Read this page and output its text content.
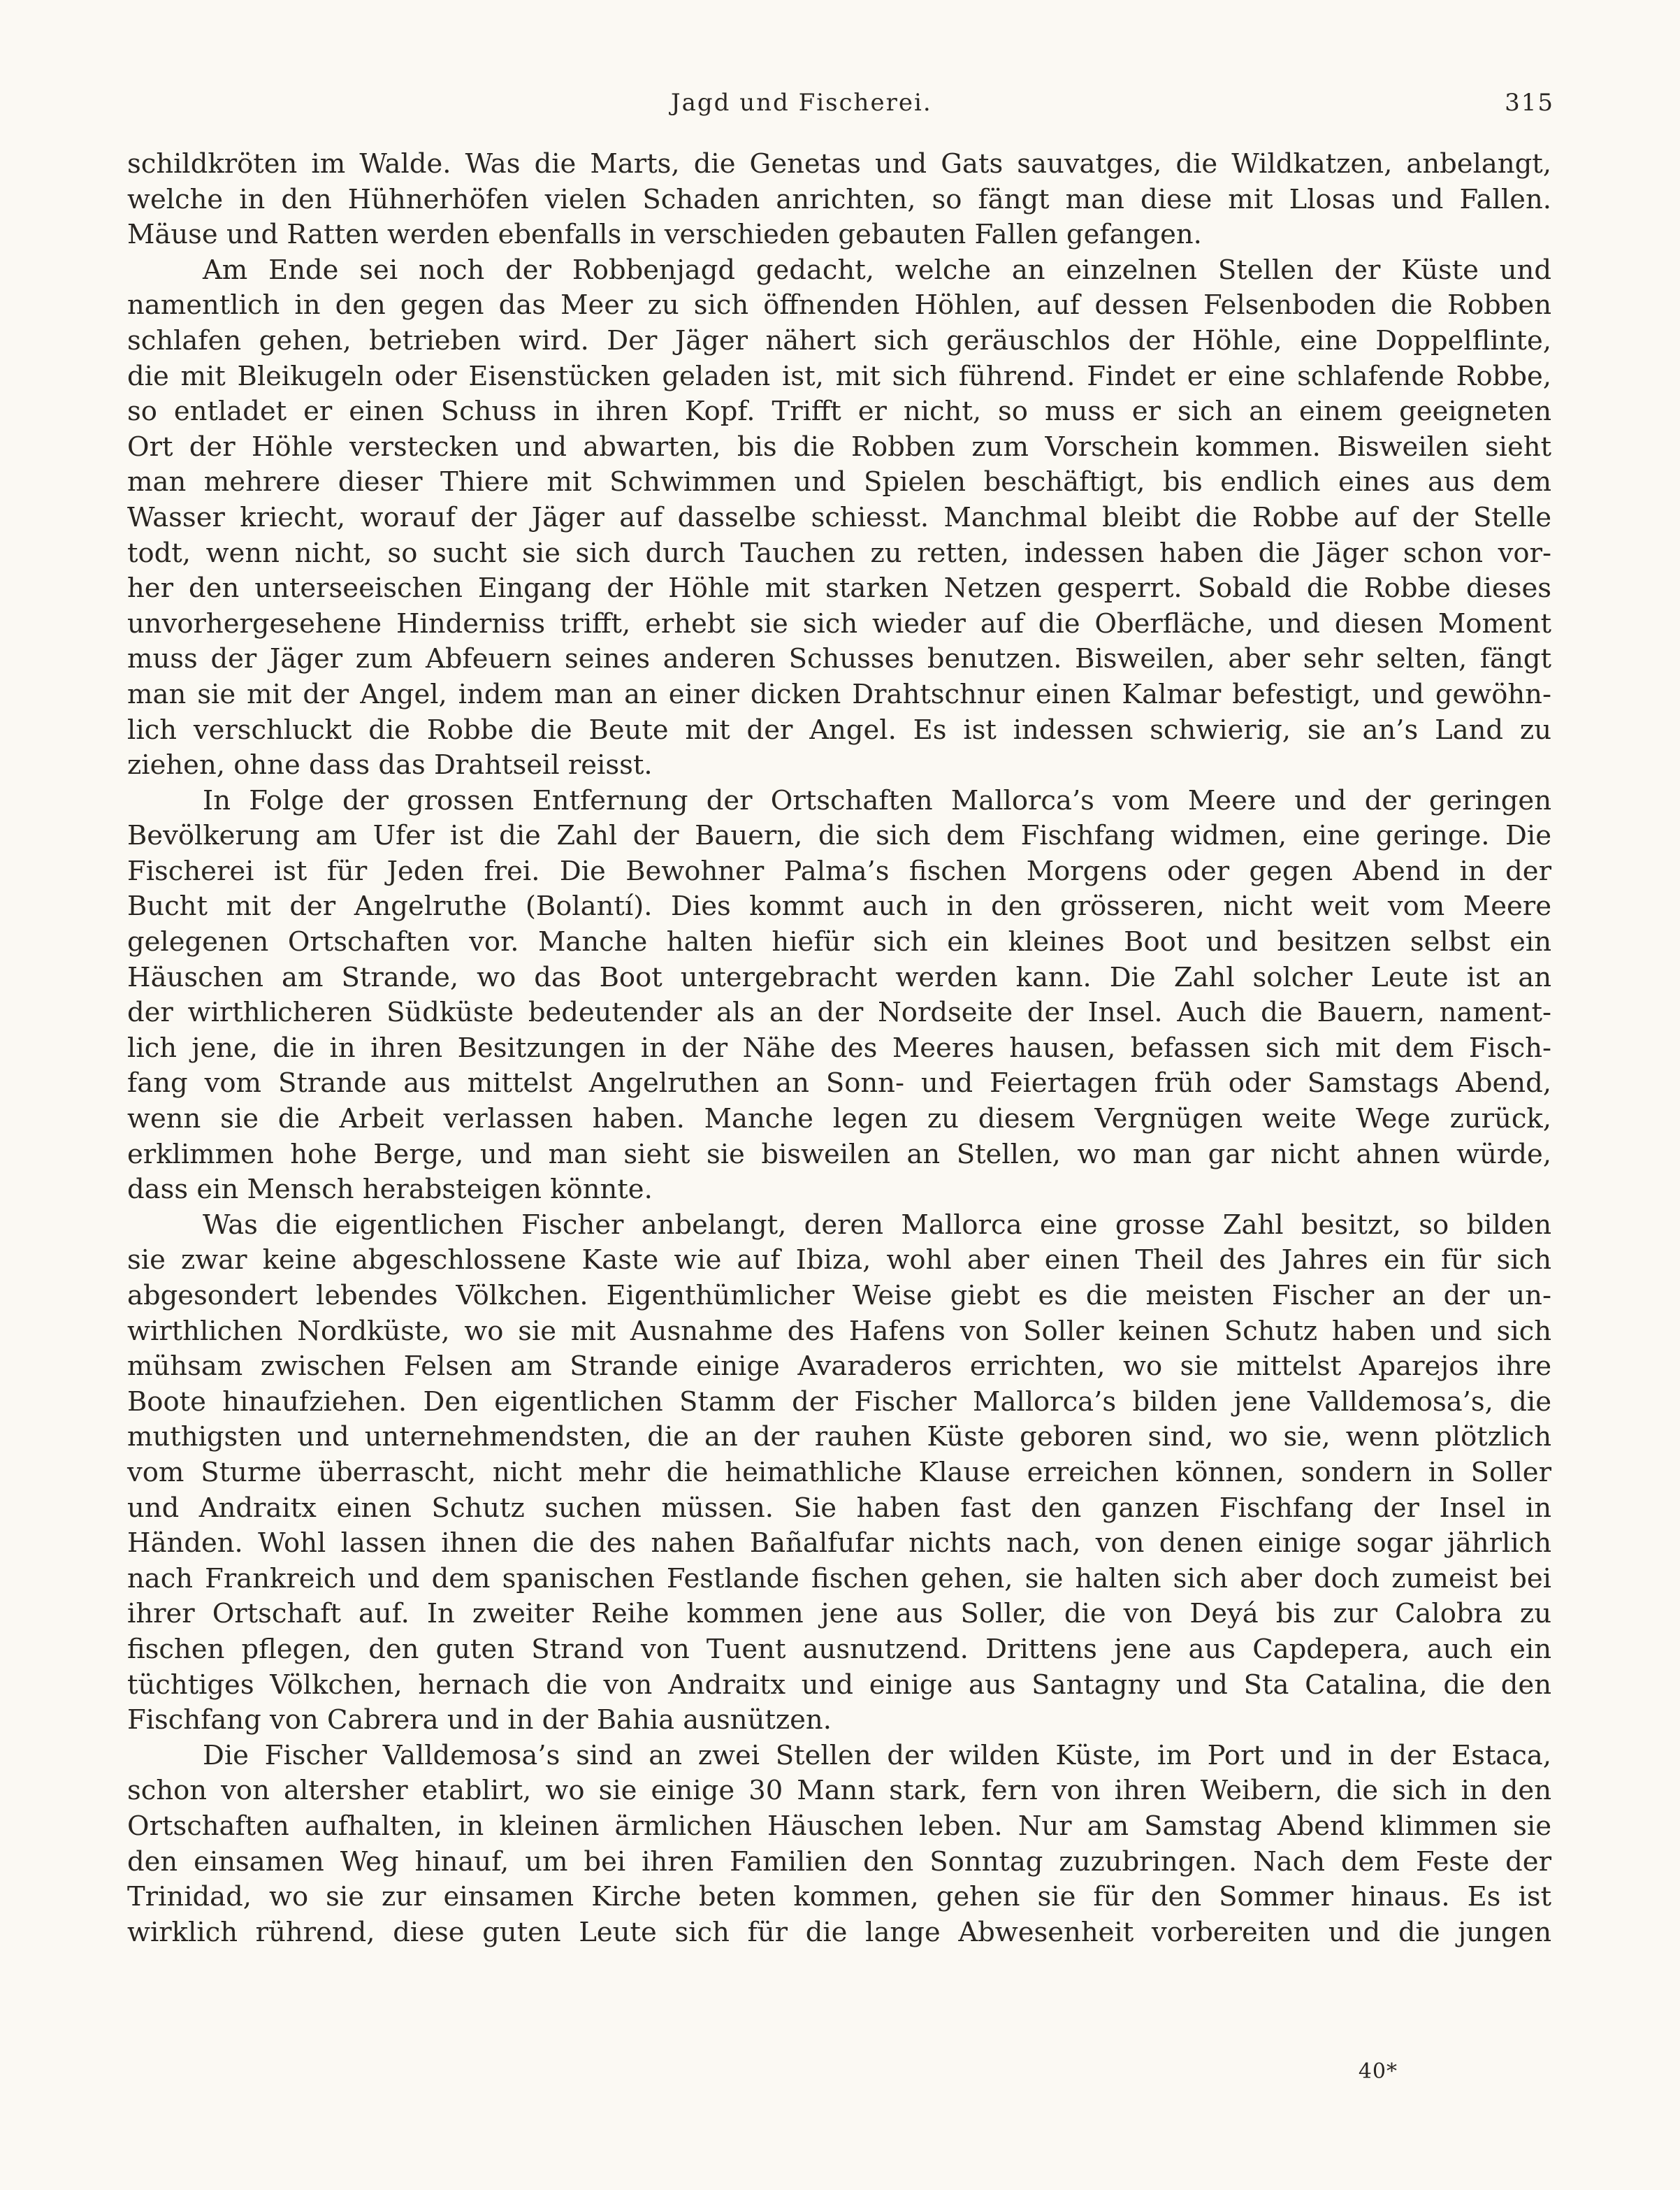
Jagd und Fischerei.	315
schildkröten im Walde. Was die Marts, die Genetas und Gats sauvatges, die Wildkatzen, anbelangt,
welche in den Hühnerhöfen vielen Schaden anrichten, so fängt man diese mit Llosas und Fallen.
Mäuse und Ratten werden ebenfalls in verschieden gebauten Fallen gefangen.
Am Ende sei noch der Robbenjagd gedacht, welche an einzelnen Stellen der Küste und
namentlich in den gegen das Meer zu sich öffnenden Höhlen, auf dessen Felsenboden die Robben
schlafen gehen, betrieben wird. Der Jäger nähert sich geräuschlos der Höhle, eine Doppelflinte,
die mit Bleikugeln oder Eisenstücken geladen ist, mit sich führend. Findet er eine schlafende Robbe,
so entladet er einen Schuss in ihren Kopf. Trifft er nicht, so muss er sich an einem geeigneten
Ort der Höhle verstecken und abwarten, bis die Robben zum Vorschein kommen. Bisweilen sieht
man mehrere dieser Thiere mit Schwimmen und Spielen beschäftigt, bis endlich eines aus dem
Wasser kriecht, worauf der Jäger auf dasselbe schiesst. Manchmal bleibt die Robbe auf der Stelle
todt, wenn nicht, so sucht sie sich durch Tauchen zu retten, indessen haben die Jäger schon vor-
her den unterseeischen Eingang der Höhle mit starken Netzen gesperrt. Sobald die Robbe dieses
unvorhergesehene Hinderniss trifft, erhebt sie sich wieder auf die Oberfläche, und diesen Moment
muss der Jäger zum Abfeuern seines anderen Schusses benutzen. Bisweilen, aber sehr selten, fängt
man sie mit der Angel, indem man an einer dicken Drahtschnur einen Kalmar befestigt, und gewöhn-
lich verschluckt die Robbe die Beute mit der Angel. Es ist indessen schwierig, sie an’s Land zu
ziehen, ohne dass das Drahtseil reisst.
In Folge der grossen Entfernung der Ortschaften Mallorca’s vom Meere und der geringen
Bevölkerung am Ufer ist die Zahl der Bauern, die sich dem Fischfang widmen, eine geringe. Die
Fischerei ist für Jeden frei. Die Bewohner Palma’s fischen Morgens oder gegen Abend in der
Bucht mit der Angelruthe (Bolantí). Dies kommt auch in den grösseren, nicht weit vom Meere
gelegenen Ortschaften vor. Manche halten hiefür sich ein kleines Boot und besitzen selbst ein
Häuschen am Strande, wo das Boot untergebracht werden kann. Die Zahl solcher Leute ist an
der wirthlicheren Südküste bedeutender als an der Nordseite der Insel. Auch die Bauern, nament-
lich jene, die in ihren Besitzungen in der Nähe des Meeres hausen, befassen sich mit dem Fisch-
fang vom Strande aus mittelst Angelruthen an Sonn- und Feiertagen früh oder Samstags Abend,
wenn sie die Arbeit verlassen haben. Manche legen zu diesem Vergnügen weite Wege zurück,
erklimmen hohe Berge, und man sieht sie bisweilen an Stellen, wo man gar nicht ahnen würde,
dass ein Mensch herabsteigen könnte.
Was die eigentlichen Fischer anbelangt, deren Mallorca eine grosse Zahl besitzt, so bilden
sie zwar keine abgeschlossene Kaste wie auf Ibiza, wohl aber einen Theil des Jahres ein für sich
abgesondert lebendes Völkchen. Eigenthümlicher Weise giebt es die meisten Fischer an der un-
wirthlichen Nordküste, wo sie mit Ausnahme des Hafens von Soller keinen Schutz haben und sich
mühsam zwischen Felsen am Strande einige Avaraderos errichten, wo sie mittelst Aparejos ihre
Boote hinaufziehen. Den eigentlichen Stamm der Fischer Mallorca’s bilden jene Valldemosa’s, die
muthigsten und unternehmendsten, die an der rauhen Küste geboren sind, wo sie, wenn plötzlich
vom Sturme überrascht, nicht mehr die heimathliche Klause erreichen können, sondern in Soller
und Andraitx einen Schutz suchen müssen. Sie haben fast den ganzen Fischfang der Insel in
Händen. Wohl lassen ihnen die des nahen Bañalfufar nichts nach, von denen einige sogar jährlich
nach Frankreich und dem spanischen Festlande fischen gehen, sie halten sich aber doch zumeist bei
ihrer Ortschaft auf. In zweiter Reihe kommen jene aus Soller, die von Deyá bis zur Calobra zu
fischen pflegen, den guten Strand von Tuent ausnutzend. Drittens jene aus Capdepera, auch ein
tüchtiges Völkchen, hernach die von Andraitx und einige aus Santagny und Sta Catalina, die den
Fischfang von Cabrera und in der Bahia ausnützen.
Die Fischer Valldemosa’s sind an zwei Stellen der wilden Küste, im Port und in der Estaca,
schon von altersher etablirt, wo sie einige 30 Mann stark, fern von ihren Weibern, die sich in den
Ortschaften aufhalten, in kleinen ärmlichen Häuschen leben. Nur am Samstag Abend klimmen sie
den einsamen Weg hinauf, um bei ihren Familien den Sonntag zuzubringen. Nach dem Feste der
Trinidad, wo sie zur einsamen Kirche beten kommen, gehen sie für den Sommer hinaus. Es ist
wirklich rührend, diese guten Leute sich für die lange Abwesenheit vorbereiten und die jungen
40*
